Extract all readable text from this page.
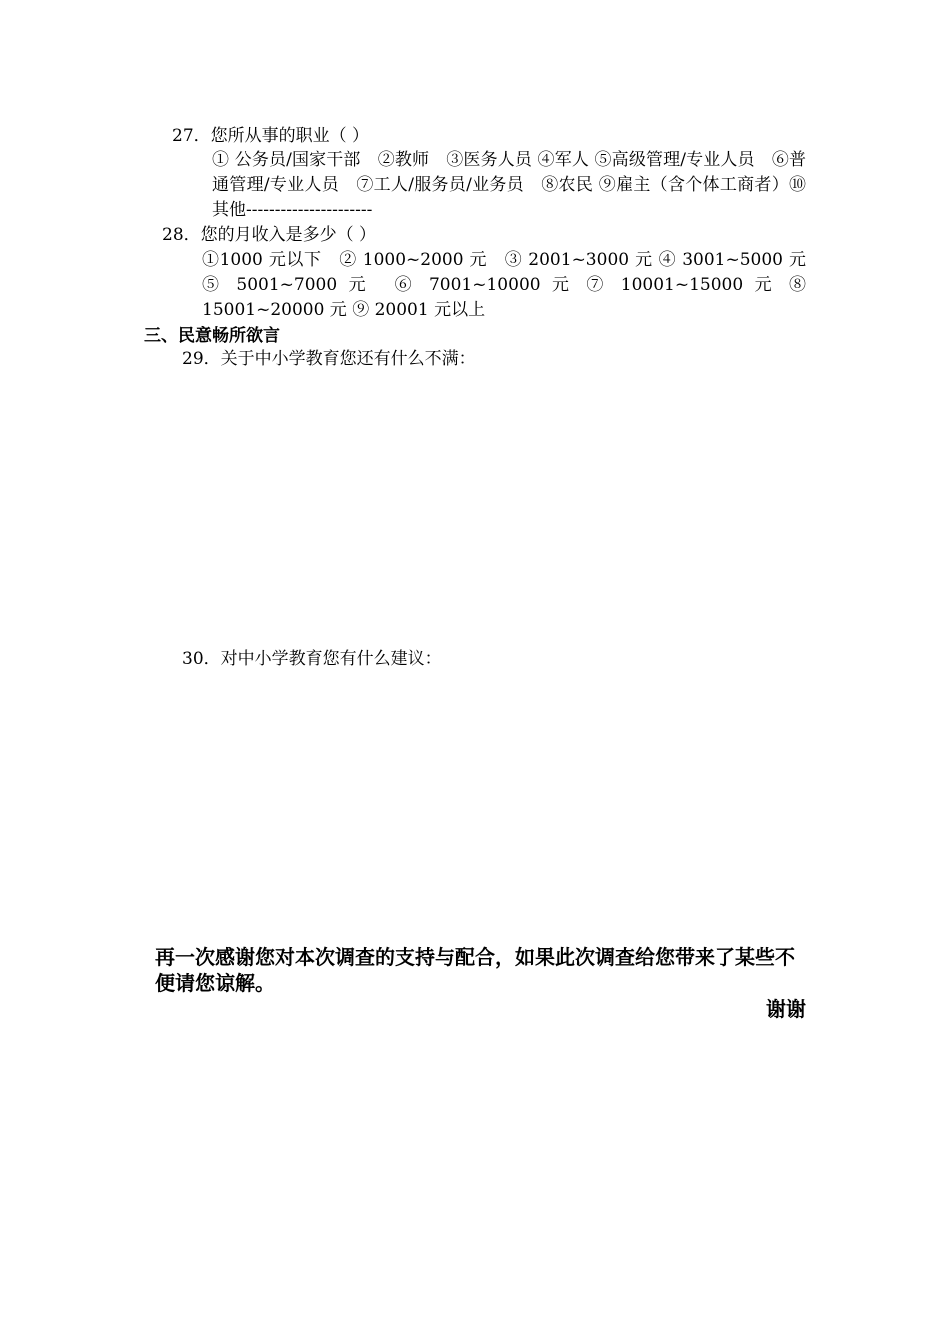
27．您所从事的职业（ ）
① 公务员/国家干部　②教师　③医务人员 ④军人 ⑤高级管理/专业人员　⑥普通管理/专业人员　⑦工人/服务员/业务员　⑧农民 ⑨雇主（含个体工商者）⑩其他----------------------
28．您的月收入是多少（ ）
①1000 元以下　② 1000~2000 元　③ 2001~3000 元 ④ 3001~5000 元 ⑤ 5001~7000 元　⑥ 7001~10000 元 ⑦ 10001~15000 元 ⑧ 15001~20000 元 ⑨ 20001 元以上
三、民意畅所欲言
29．关于中小学教育您还有什么不满：
30．对中小学教育您有什么建议：
再一次感谢您对本次调查的支持与配合，如果此次调查给您带来了某些不便请您谅解。
谢谢
